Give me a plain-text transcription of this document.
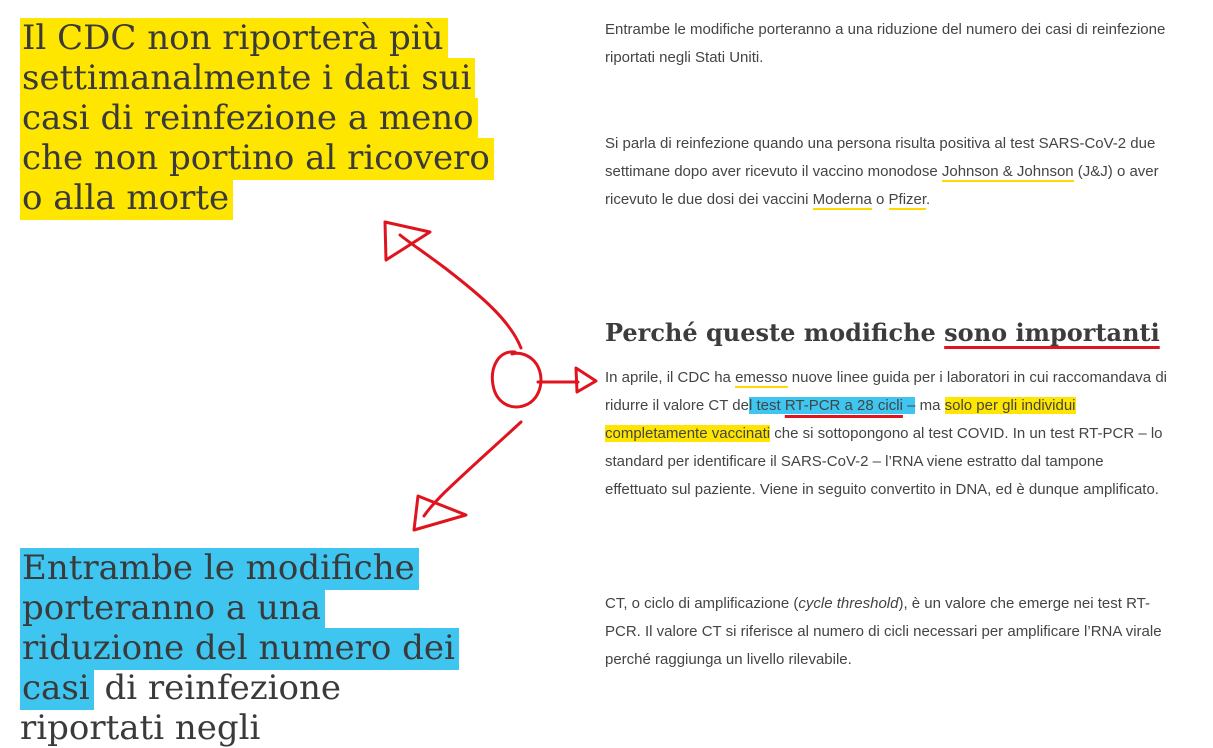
Il CDC non riporterà più settimanalmente i dati sui casi di reinfezione a meno che non portino al ricovero o alla morte

Entrambe le modifiche porteranno a una riduzione del numero dei casi di reinfezione riportati negli

Entrambe le modifiche porteranno a una riduzione del numero dei casi di reinfezione riportati negli Stati Uniti.

Si parla di reinfezione quando una persona risulta positiva al test SARS-CoV-2 due settimane dopo aver ricevuto il vaccino monodose Johnson & Johnson (J&J) o aver ricevuto le due dosi dei vaccini Moderna o Pfizer.

Perché queste modifiche sono importanti

In aprile, il CDC ha emesso nuove linee guida per i laboratori in cui raccomandava di ridurre il valore CT del test RT-PCR a 28 cicli – ma solo per gli individui completamente vaccinati che si sottopongono al test COVID. In un test RT-PCR – lo standard per identificare il SARS-CoV-2 – l’RNA viene estratto dal tampone effettuato sul paziente. Viene in seguito convertito in DNA, ed è dunque amplificato.

CT, o ciclo di amplificazione (cycle threshold), è un valore che emerge nei test RT-PCR. Il valore CT si riferisce al numero di cicli necessari per amplificare l’RNA virale perché raggiunga un livello rilevabile.
